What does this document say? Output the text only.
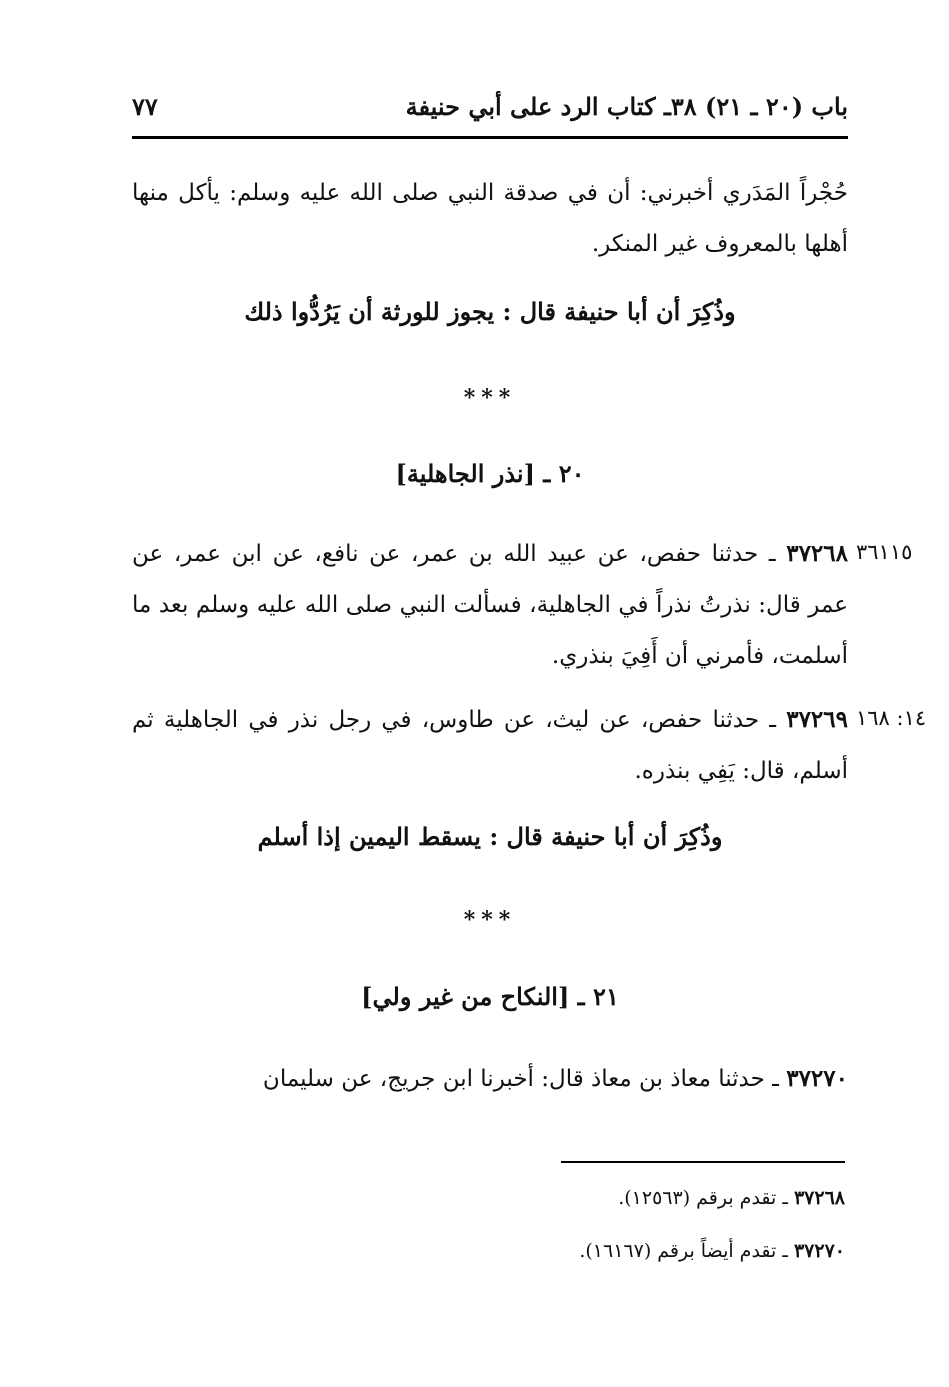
باب (٢٠ ـ ٢١) ٣٨ـ كتاب الرد على أبي حنيفة
٧٧
حُجْراً المَدَري أخبرني: أن في صدقة النبي صلى الله عليه وسلم: يأكل منها أهلها بالمعروف غير المنكر.
وذُكِرَ أن أبا حنيفة قال : يجوز للورثة أن يَرُدُّوا ذلك
***
٢٠ ـ [نذر الجاهلية]
٣٦١١٥
٣٧٢٦٨ ـ حدثنا حفص، عن عبيد الله بن عمر، عن نافع، عن ابن عمر، عن عمر قال: نذرتُ نذراً في الجاهلية، فسألت النبي صلى الله عليه وسلم بعد ما أسلمت، فأمرني أن أَفِيَ بنذري.
١٤: ١٦٨
٣٧٢٦٩ ـ حدثنا حفص، عن ليث، عن طاوس، في رجل نذر في الجاهلية ثم أسلم، قال: يَفِي بنذره.
وذُكِرَ أن أبا حنيفة قال : يسقط اليمين إذا أسلم
***
٢١ ـ [النكاح من غير ولي]
٣٧٢٧٠ ـ حدثنا معاذ بن معاذ قال: أخبرنا ابن جريج، عن سليمان
٣٧٢٦٨ ـ تقدم برقم (١٢٥٦٣).
٣٧٢٧٠ ـ تقدم أيضاً برقم (١٦١٦٧).
